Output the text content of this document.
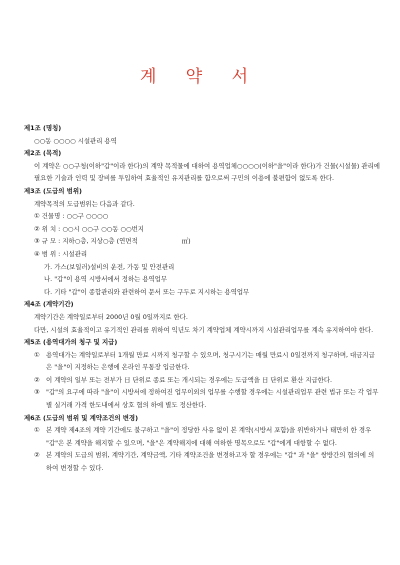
계 약 서
제1조 (명칭)
○○동 ○○○○ 시설관리 용역
제2조 (목적)
이 계약은 ○○구청(이하"갑"이라 한다)의 계약 목적물에 대하여 용역업체○○○○(이하"을"이라 한다)가 건물(시설물) 관리에 필요한 기술과 인력 및 장비를 투입하여 효율적인 유지관리를 함으로써 구민의 이용에 불편함이 없도록 한다.
제3조 (도급의 범위)
계약목적의 도급범위는 다음과 같다.
① 건물명 : ○○구 ○○○○
② 위 치 : ○○시 ○○구 ○○동 ○○번지
③ 규 모 : 지하○층, 지상○층 (연면적	㎡)
④ 범 위 : 시설관리
가. 가스(보일러)설비의 운전, 가동 및 안전관리
나. "갑"이 용역 시방서에서 정하는 용역업무
다. 기타 "갑"이 종합관리와 관련하여 문서 또는 구두로 지시하는 용역업무
제4조 (계약기간)
계약기간은 계약일로부터 2000년 0월 0일까지로 한다.
다만, 시설의 효율적이고 유기적인 관리를 위하여 익년도 차기 계약업체 계약시까지 시설관리업무를 계속 유지하여야 한다.
제5조 (용역대가의 청구 및 지급)
① 용역대가는 계약일로부터 1개월 만료 시까지 청구할 수 있으며, 청구시기는 매월 만료시 0일전까지 청구하며, 대금지급은 "을"이 지정하는 은행에 온라인 무통장 입금한다.
② 이 계약의 일부 또는 전부가 日 단위로 종료 또는 개시되는 경우에는 도급액을 日 단위로 환산 지급한다.
③ "갑"의 요구에 따라 "을"이 시방서에 정하여진 업무이외의 업무를 수행할 경우에는 시설관리업무 관련 법규 또는 각 업무별 실거래 가격 한도내에서 상호 협의 하에 별도 정산한다.
제6조 (도급의 범위 및 계약조건의 변경)
① 본 계약 제4조의 계약 기간에도 불구하고 "을"이 정당한 사유 없이 본 계약(시방서 포함)을 위반하거나 태만히 한 경우 "갑"은 본 계약을 해지할 수 있으며, "을"은 계약해지에 대해 여하한 명목으로도 "갑"에게 대항할 수 없다.
② 본 계약의 도급의 범위, 계약기간, 계약금액, 기타 계약조건을 변경하고자 할 경우에는 "갑" 과 "을" 쌍방간의 협의에 의하여 변경할 수 있다.
